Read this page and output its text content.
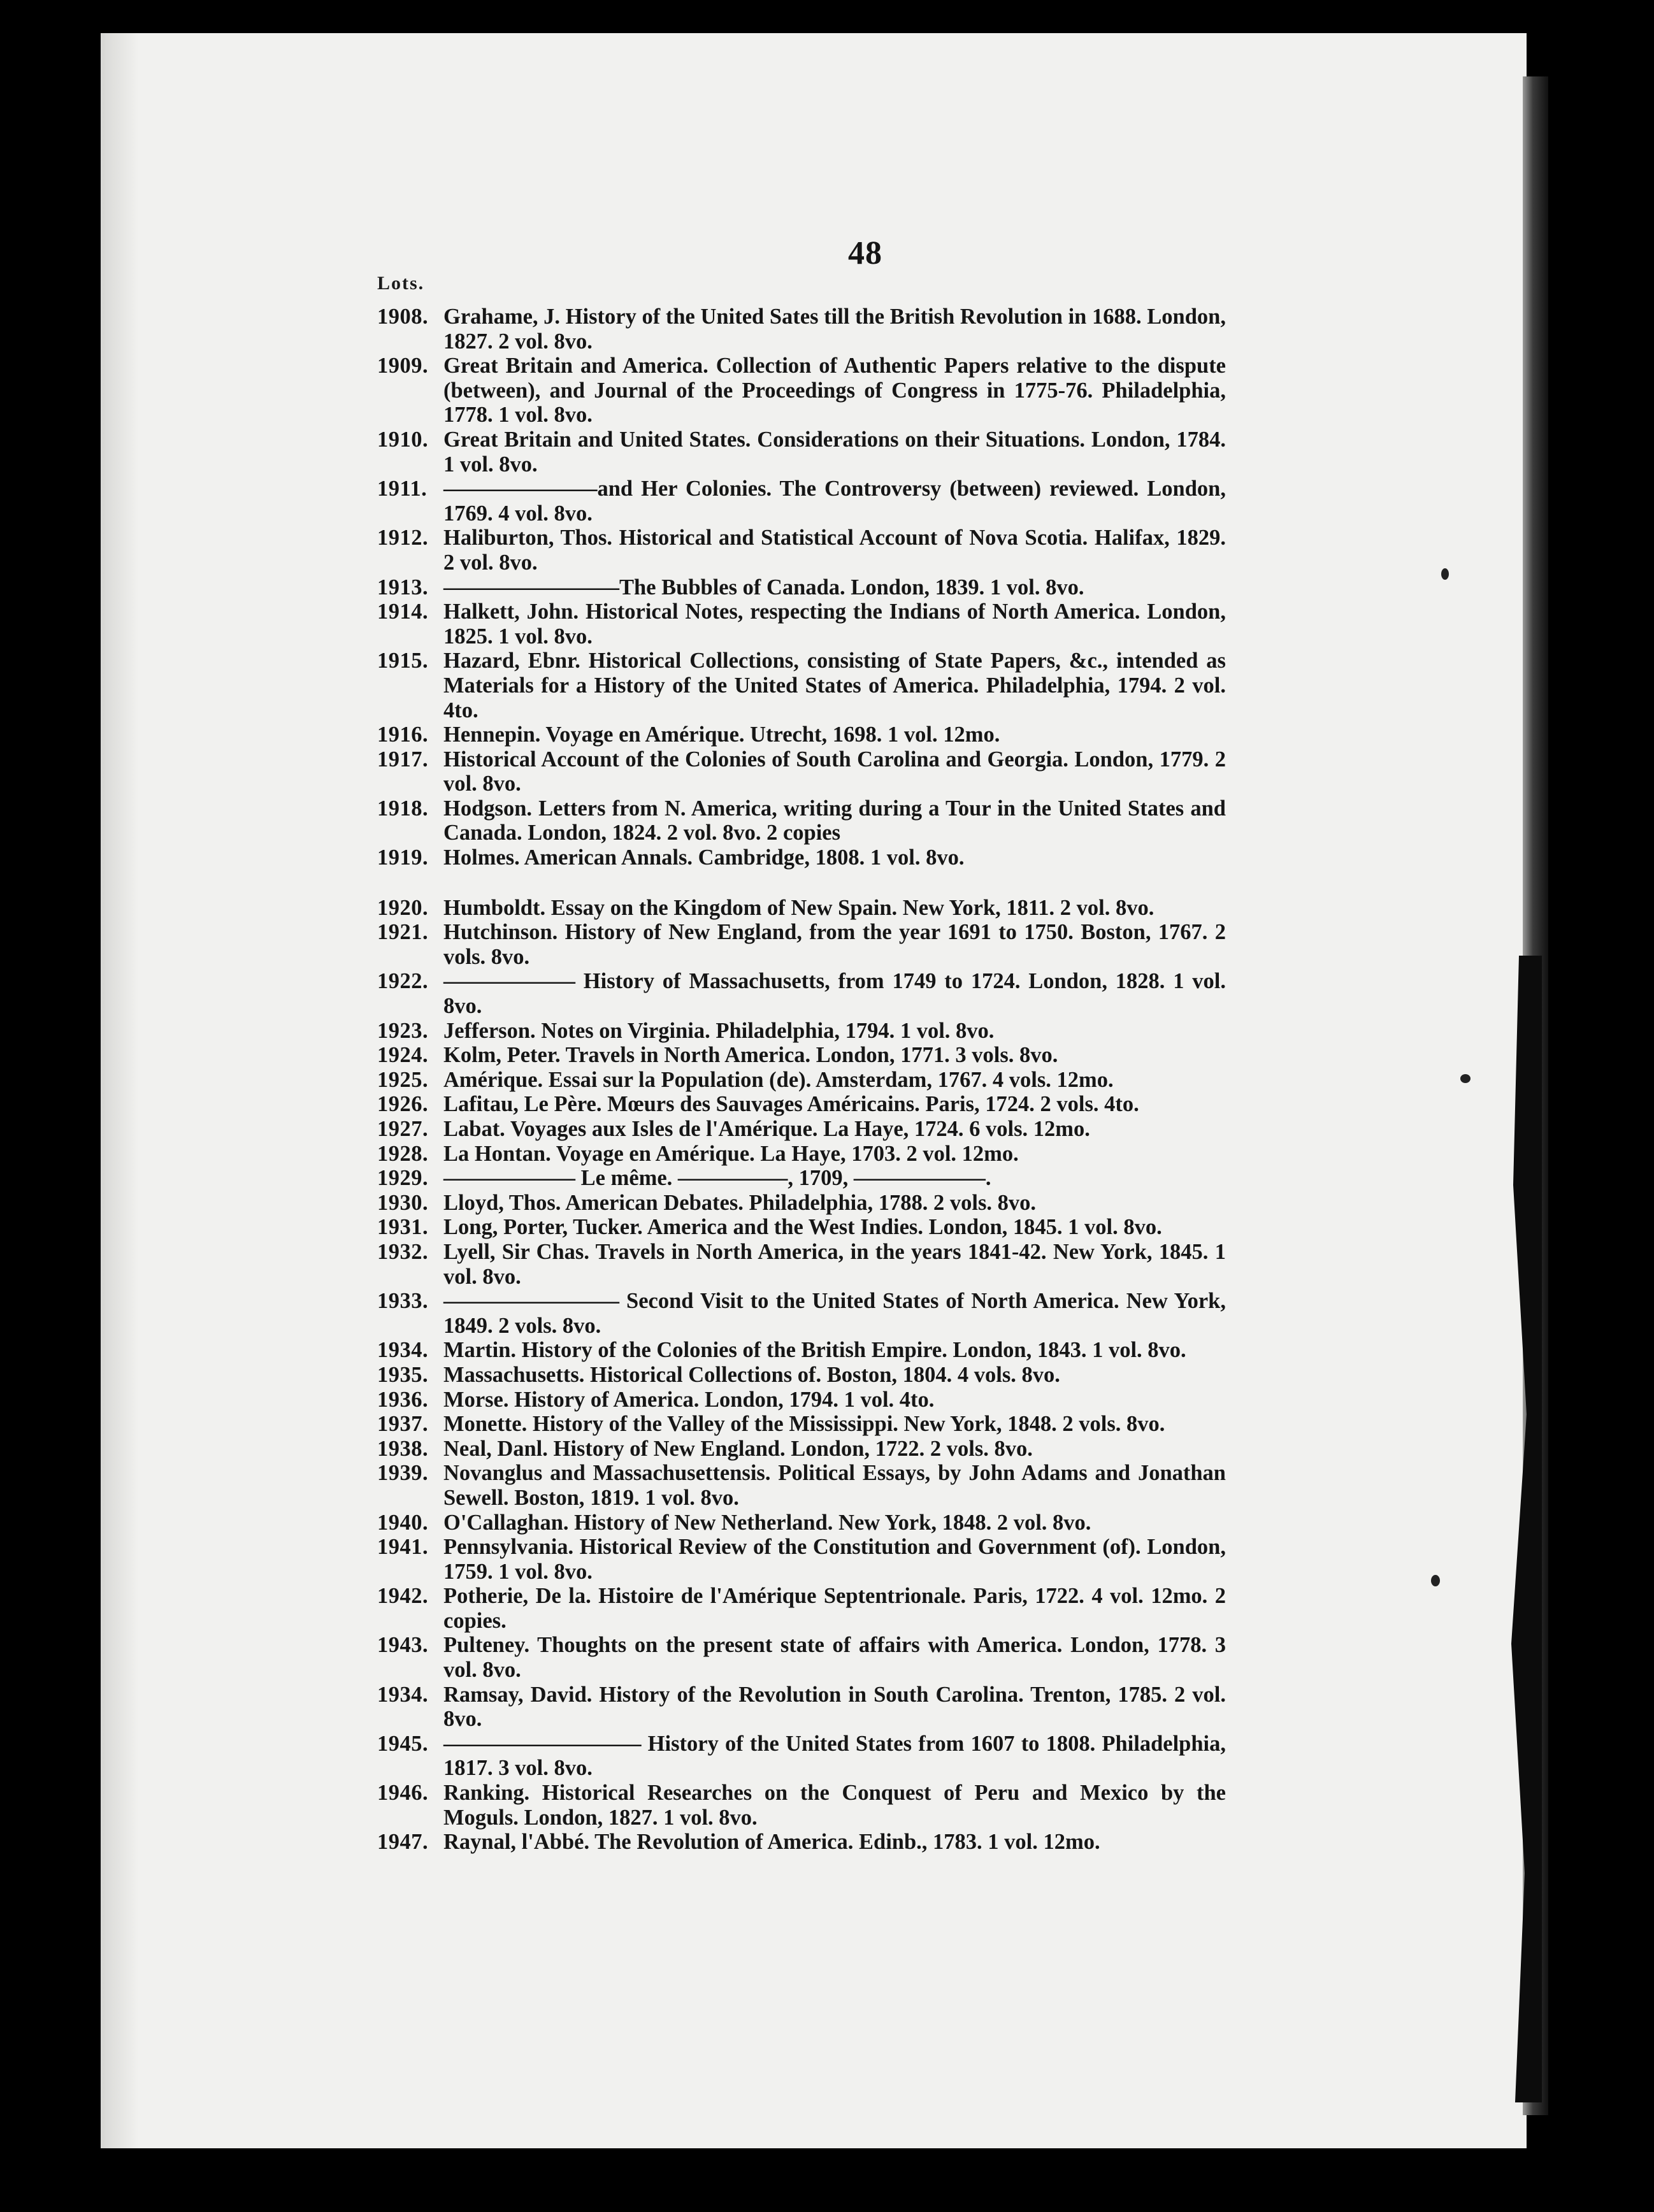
48
Lots.
1908. Grahame, J. History of the United Sates till the British Revolution in 1688. London, 1827. 2 vol. 8vo.
1909. Great Britain and America. Collection of Authentic Papers relative to the dispute (between), and Journal of the Proceedings of Congress in 1775-76. Philadelphia, 1778. 1 vol. 8vo.
1910. Great Britain and United States. Considerations on their Situations. London, 1784. 1 vol. 8vo.
1911. ———————and Her Colonies. The Controversy (between) reviewed. London, 1769. 4 vol. 8vo.
1912. Haliburton, Thos. Historical and Statistical Account of Nova Scotia. Halifax, 1829. 2 vol. 8vo.
1913. ————————The Bubbles of Canada. London, 1839. 1 vol. 8vo.
1914. Halkett, John. Historical Notes, respecting the Indians of North America. London, 1825. 1 vol. 8vo.
1915. Hazard, Ebnr. Historical Collections, consisting of State Papers, &c., intended as Materials for a History of the United States of America. Philadelphia, 1794. 2 vol. 4to.
1916. Hennepin. Voyage en Amérique. Utrecht, 1698. 1 vol. 12mo.
1917. Historical Account of the Colonies of South Carolina and Georgia. London, 1779. 2 vol. 8vo.
1918. Hodgson. Letters from N. America, writing during a Tour in the United States and Canada. London, 1824. 2 vol. 8vo. 2 copies
1919. Holmes. American Annals. Cambridge, 1808. 1 vol. 8vo.
1920. Humboldt. Essay on the Kingdom of New Spain. New York, 1811. 2 vol. 8vo.
1921. Hutchinson. History of New England, from the year 1691 to 1750. Boston, 1767. 2 vols. 8vo.
1922. —————— History of Massachusetts, from 1749 to 1724. London, 1828. 1 vol. 8vo.
1923. Jefferson. Notes on Virginia. Philadelphia, 1794. 1 vol. 8vo.
1924. Kolm, Peter. Travels in North America. London, 1771. 3 vols. 8vo.
1925. Amérique. Essai sur la Population (de). Amsterdam, 1767. 4 vols. 12mo.
1926. Lafitau, Le Père. Mœurs des Sauvages Américains. Paris, 1724. 2 vols. 4to.
1927. Labat. Voyages aux Isles de l'Amérique. La Haye, 1724. 6 vols. 12mo.
1928. La Hontan. Voyage en Amérique. La Haye, 1703. 2 vol. 12mo.
1929. —————— Le même. —————, 1709, ——————.
1930. Lloyd, Thos. American Debates. Philadelphia, 1788. 2 vols. 8vo.
1931. Long, Porter, Tucker. America and the West Indies. London, 1845. 1 vol. 8vo.
1932. Lyell, Sir Chas. Travels in North America, in the years 1841-42. New York, 1845. 1 vol. 8vo.
1933. ———————— Second Visit to the United States of North America. New York, 1849. 2 vols. 8vo.
1934. Martin. History of the Colonies of the British Empire. London, 1843. 1 vol. 8vo.
1935. Massachusetts. Historical Collections of. Boston, 1804. 4 vols. 8vo.
1936. Morse. History of America. London, 1794. 1 vol. 4to.
1937. Monette. History of the Valley of the Mississippi. New York, 1848. 2 vols. 8vo.
1938. Neal, Danl. History of New England. London, 1722. 2 vols. 8vo.
1939. Novanglus and Massachusettensis. Political Essays, by John Adams and Jonathan Sewell. Boston, 1819. 1 vol. 8vo.
1940. O'Callaghan. History of New Netherland. New York, 1848. 2 vol. 8vo.
1941. Pennsylvania. Historical Review of the Constitution and Government (of). London, 1759. 1 vol. 8vo.
1942. Potherie, De la. Histoire de l'Amérique Septentrionale. Paris, 1722. 4 vol. 12mo. 2 copies.
1943. Pulteney. Thoughts on the present state of affairs with America. London, 1778. 3 vol. 8vo.
1934. Ramsay, David. History of the Revolution in South Carolina. Trenton, 1785. 2 vol. 8vo.
1945. ————————— History of the United States from 1607 to 1808. Philadelphia, 1817. 3 vol. 8vo.
1946. Ranking. Historical Researches on the Conquest of Peru and Mexico by the Moguls. London, 1827. 1 vol. 8vo.
1947. Raynal, l'Abbé. The Revolution of America. Edinb., 1783. 1 vol. 12mo.
